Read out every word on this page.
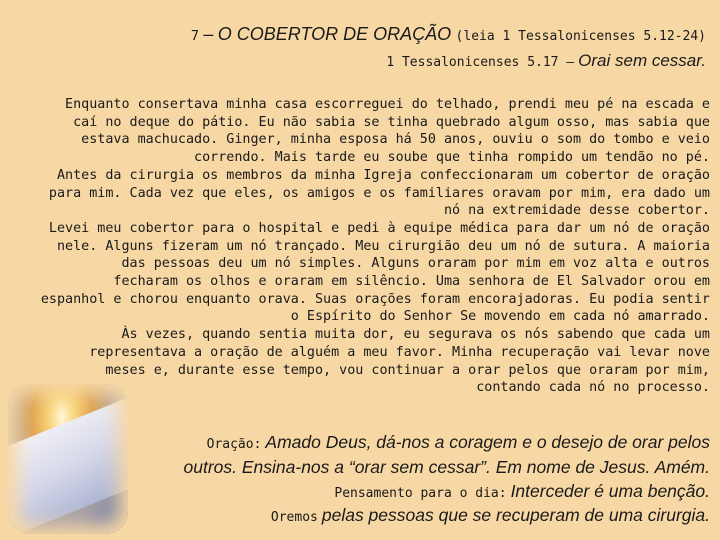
7 – O COBERTOR DE ORAÇÃO (leia 1 Tessalonicenses 5.12-24)
1 Tessalonicenses 5.17 – Orai sem cessar.
Enquanto consertava minha casa escorreguei do telhado, prendi meu pé na escada e
caí no deque do pátio. Eu não sabia se tinha quebrado algum osso, mas sabia que
estava machucado. Ginger, minha esposa há 50 anos, ouviu o som do tombo e veio
correndo. Mais tarde eu soube que tinha rompido um tendão no pé.
Antes da cirurgia os membros da minha Igreja confeccionaram um cobertor de oração
para mim. Cada vez que eles, os amigos e os familiares oravam por mim, era dado um
nó na extremidade desse cobertor.
Levei meu cobertor para o hospital e pedi à equipe médica para dar um nó de oração
nele. Alguns fizeram um nó trançado. Meu cirurgião deu um nó de sutura. A maioria
das pessoas deu um nó simples. Alguns oraram por mim em voz alta e outros
fecharam os olhos e oraram em silêncio. Uma senhora de El Salvador orou em
espanhol e chorou enquanto orava. Suas orações foram encorajadoras. Eu podia sentir
o Espírito do Senhor Se movendo em cada nó amarrado.
Às vezes, quando sentia muita dor, eu segurava os nós sabendo que cada um
representava a oração de alguém a meu favor. Minha recuperação vai levar nove
meses e, durante esse tempo, vou continuar a orar pelos que oraram por mim,
contando cada nó no processo.
Oração: Amado Deus, dá-nos a coragem e o desejo de orar pelos
outros. Ensina-nos a “orar sem cessar”. Em nome de Jesus. Amém.
Pensamento para o dia: Interceder é uma benção.
Oremos pelas pessoas que se recuperam de uma cirurgia.
